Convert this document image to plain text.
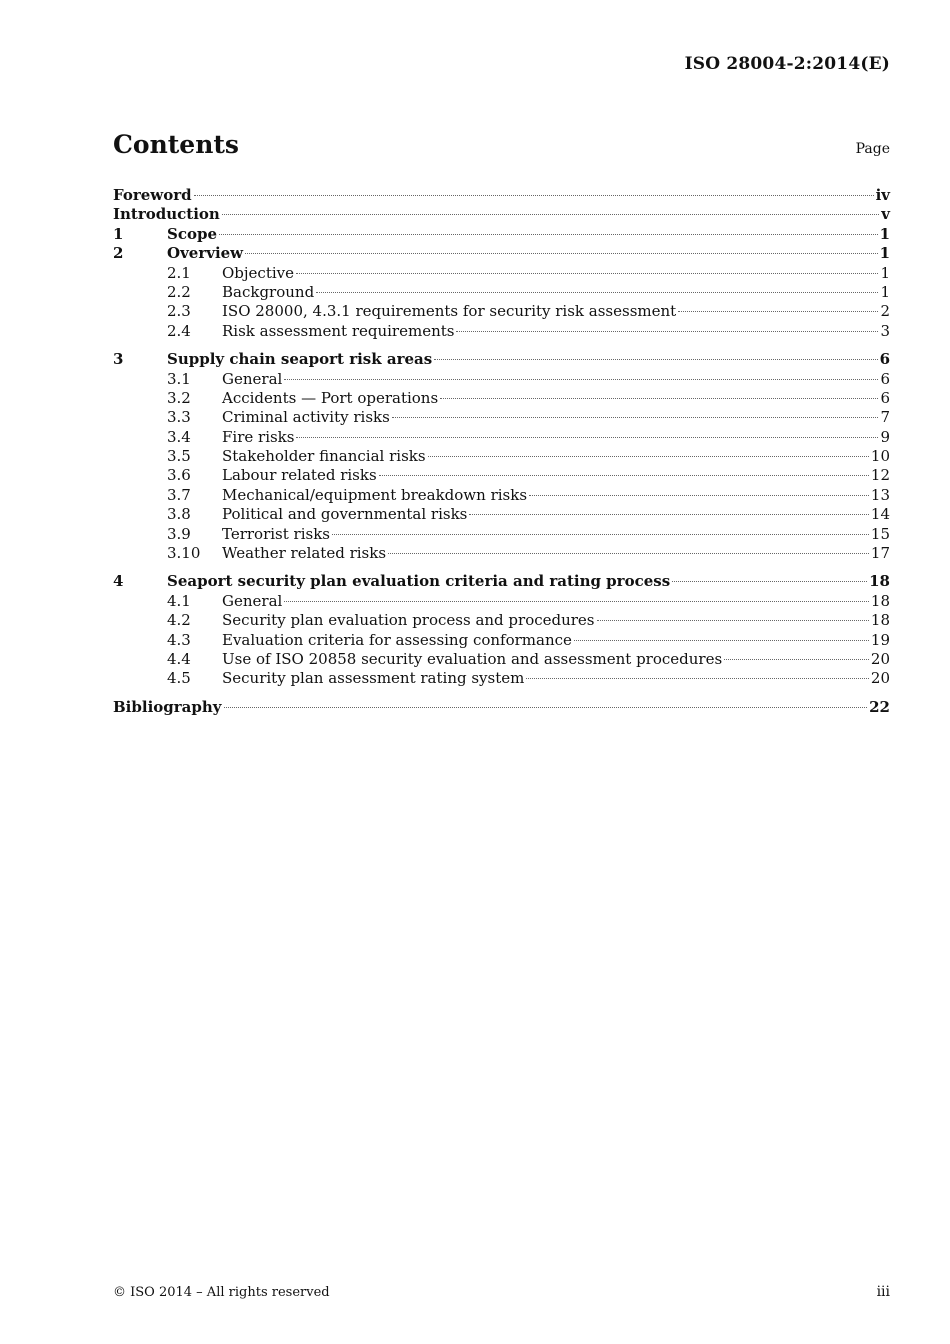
ISO 28004-2:2014(E)
Contents	Page
Foreword	iv
Introduction	v
1	Scope	1
2	Overview	1
2.1	Objective	1
2.2	Background	1
2.3	ISO 28000, 4.3.1 requirements for security risk assessment	2
2.4	Risk assessment requirements	3
3	Supply chain seaport risk areas	6
3.1	General	6
3.2	Accidents — Port operations	6
3.3	Criminal activity risks	7
3.4	Fire risks	9
3.5	Stakeholder financial risks	10
3.6	Labour related risks	12
3.7	Mechanical/equipment breakdown risks	13
3.8	Political and governmental risks	14
3.9	Terrorist risks	15
3.10	Weather related risks	17
4	Seaport security plan evaluation criteria and rating process	18
4.1	General	18
4.2	Security plan evaluation process and procedures	18
4.3	Evaluation criteria for assessing conformance	19
4.4	Use of ISO 20858 security evaluation and assessment procedures	20
4.5	Security plan assessment rating system	20
Bibliography	22
© ISO 2014 – All rights reserved	iii
